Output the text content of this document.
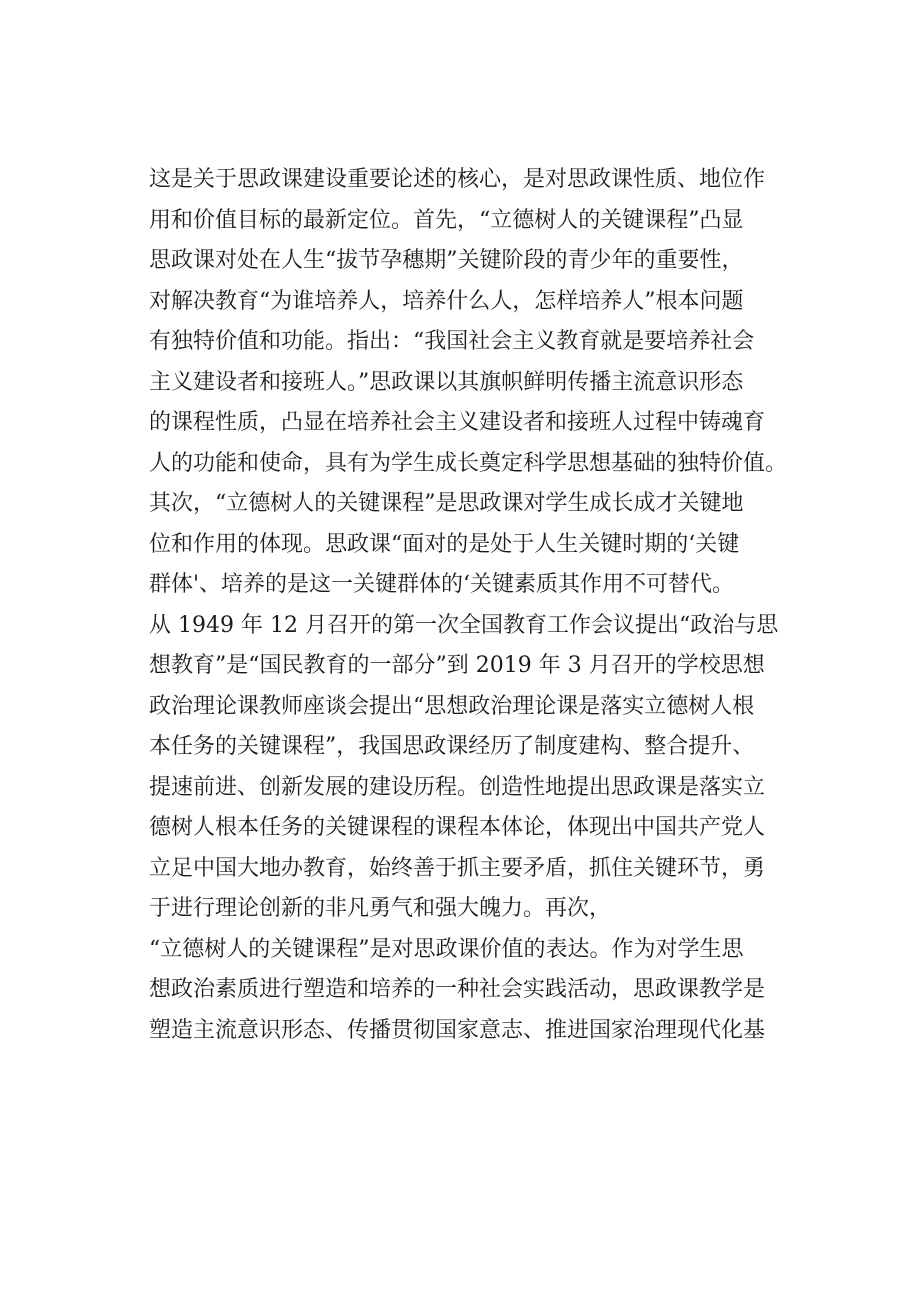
这是关于思政课建设重要论述的核心，是对思政课性质、地位作
用和价值目标的最新定位。首先，“立德树人的关键课程”凸显
思政课对处在人生“拔节孕穗期”关键阶段的青少年的重要性，
对解决教育“为谁培养人，培养什么人，怎样培养人”根本问题
有独特价值和功能。指出：“我国社会主义教育就是要培养社会
主义建设者和接班人。”思政课以其旗帜鲜明传播主流意识形态
的课程性质，凸显在培养社会主义建设者和接班人过程中铸魂育
人的功能和使命，具有为学生成长奠定科学思想基础的独特价值。
其次，“立德树人的关键课程”是思政课对学生成长成才关键地
位和作用的体现。思政课“面对的是处于人生关键时期的‘关键
群体'、培养的是这一关键群体的‘关键素质其作用不可替代。
从 1949 年 12 月召开的第一次全国教育工作会议提出“政治与思
想教育”是“国民教育的一部分”到 2019 年 3 月召开的学校思想
政治理论课教师座谈会提出“思想政治理论课是落实立德树人根
本任务的关键课程”，我国思政课经历了制度建构、整合提升、
提速前进、创新发展的建设历程。创造性地提出思政课是落实立
德树人根本任务的关键课程的课程本体论，体现出中国共产党人
立足中国大地办教育，始终善于抓主要矛盾，抓住关键环节，勇
于进行理论创新的非凡勇气和强大魄力。再次，
“立德树人的关键课程”是对思政课价值的表达。作为对学生思
想政治素质进行塑造和培养的一种社会实践活动，思政课教学是
塑造主流意识形态、传播贯彻国家意志、推进国家治理现代化基
